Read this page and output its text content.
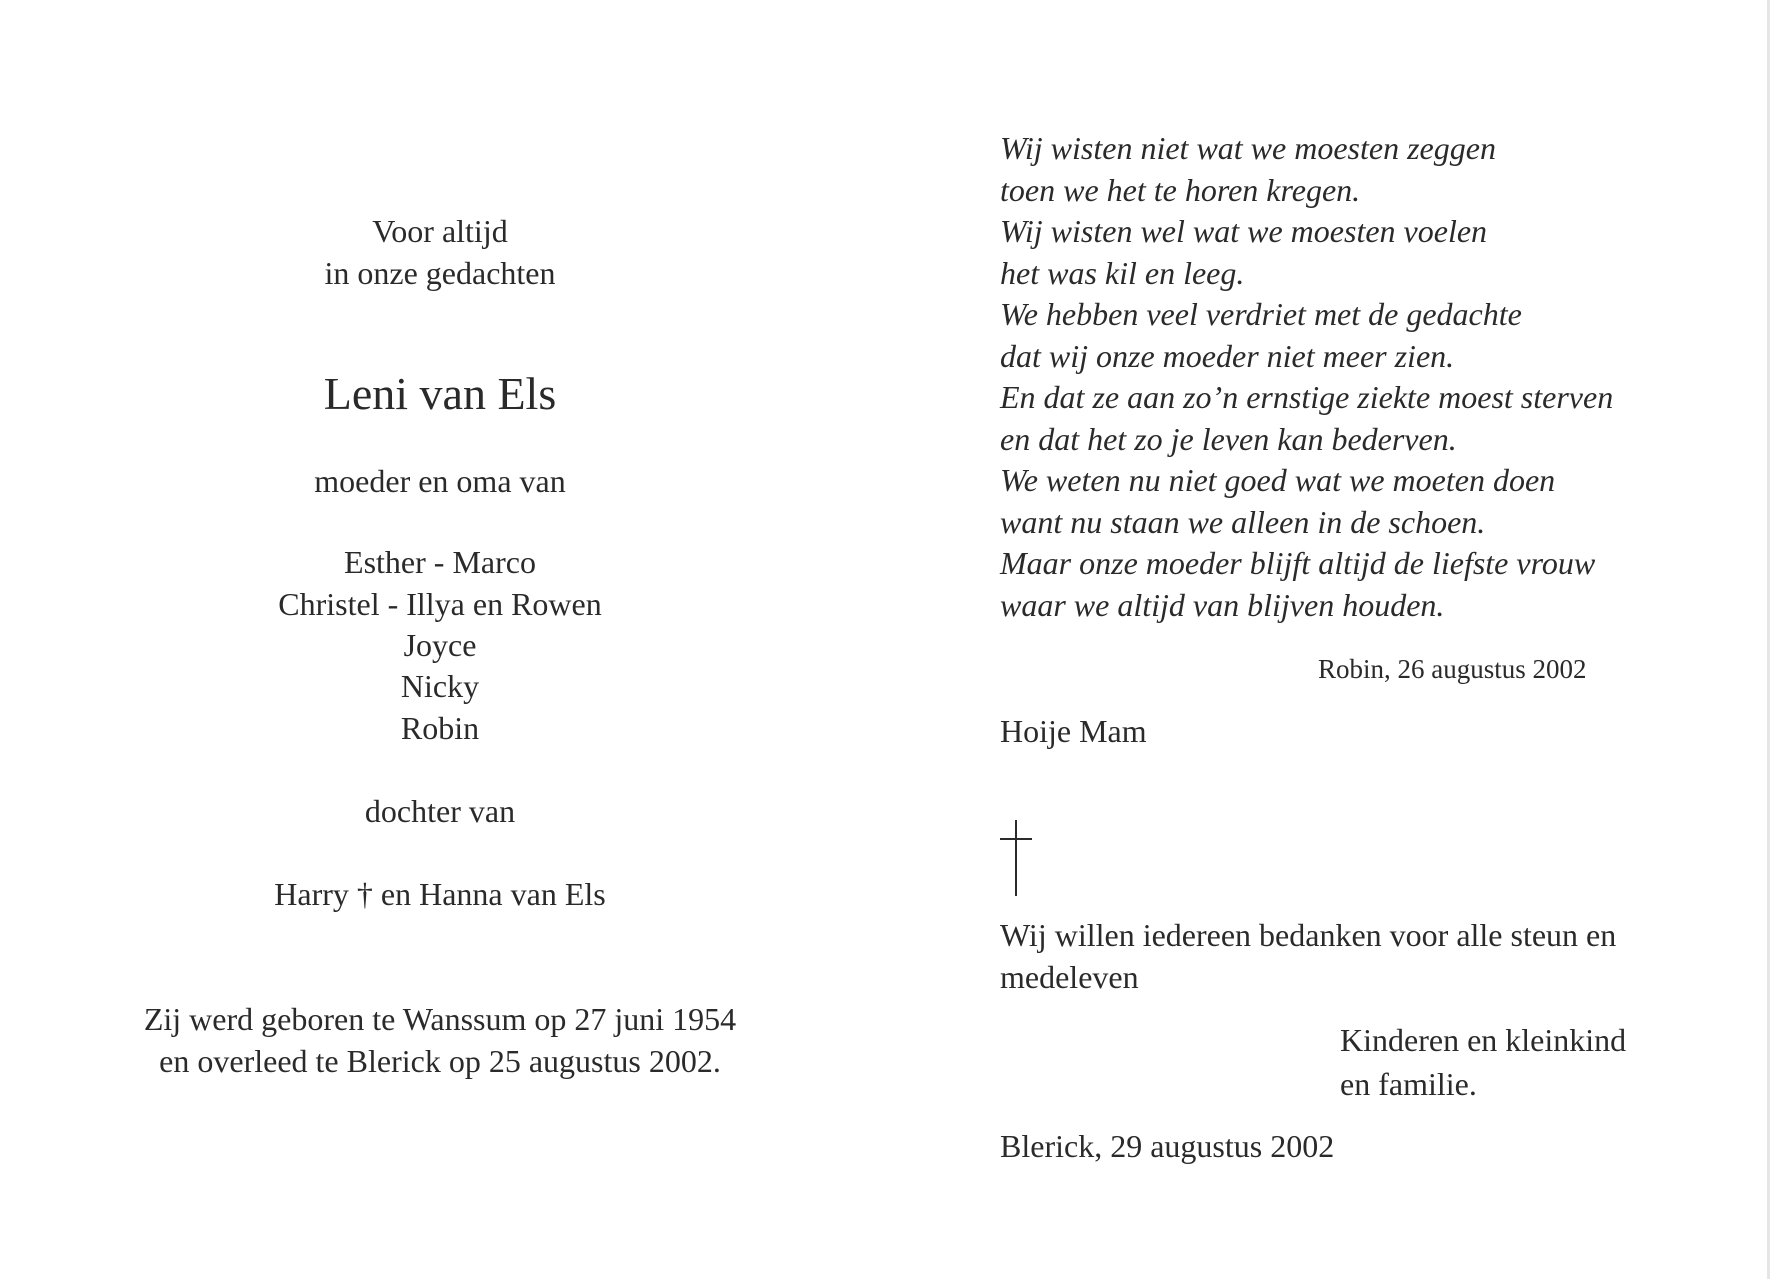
Voor altijd
in onze gedachten
Leni van Els
moeder en oma van
Esther - Marco
Christel - Illya en Rowen
Joyce
Nicky
Robin
dochter van
Harry † en Hanna van Els
Zij werd geboren te Wanssum op 27 juni 1954
en overleed te Blerick op 25 augustus 2002.
Wij wisten niet wat we moesten zeggen
toen we het te horen kregen.
Wij wisten wel wat we moesten voelen
het was kil en leeg.
We hebben veel verdriet met de gedachte
dat wij onze moeder niet meer zien.
En dat ze aan zo’n ernstige ziekte moest sterven
en dat het zo je leven kan bederven.
We weten nu niet goed wat we moeten doen
want nu staan we alleen in de schoen.
Maar onze moeder blijft altijd de liefste vrouw
waar we altijd van blijven houden.
Robin, 26 augustus 2002
Hoije Mam
Wij willen iedereen bedanken voor alle steun en
medeleven
Kinderen en kleinkind
en familie.
Blerick, 29 augustus 2002
